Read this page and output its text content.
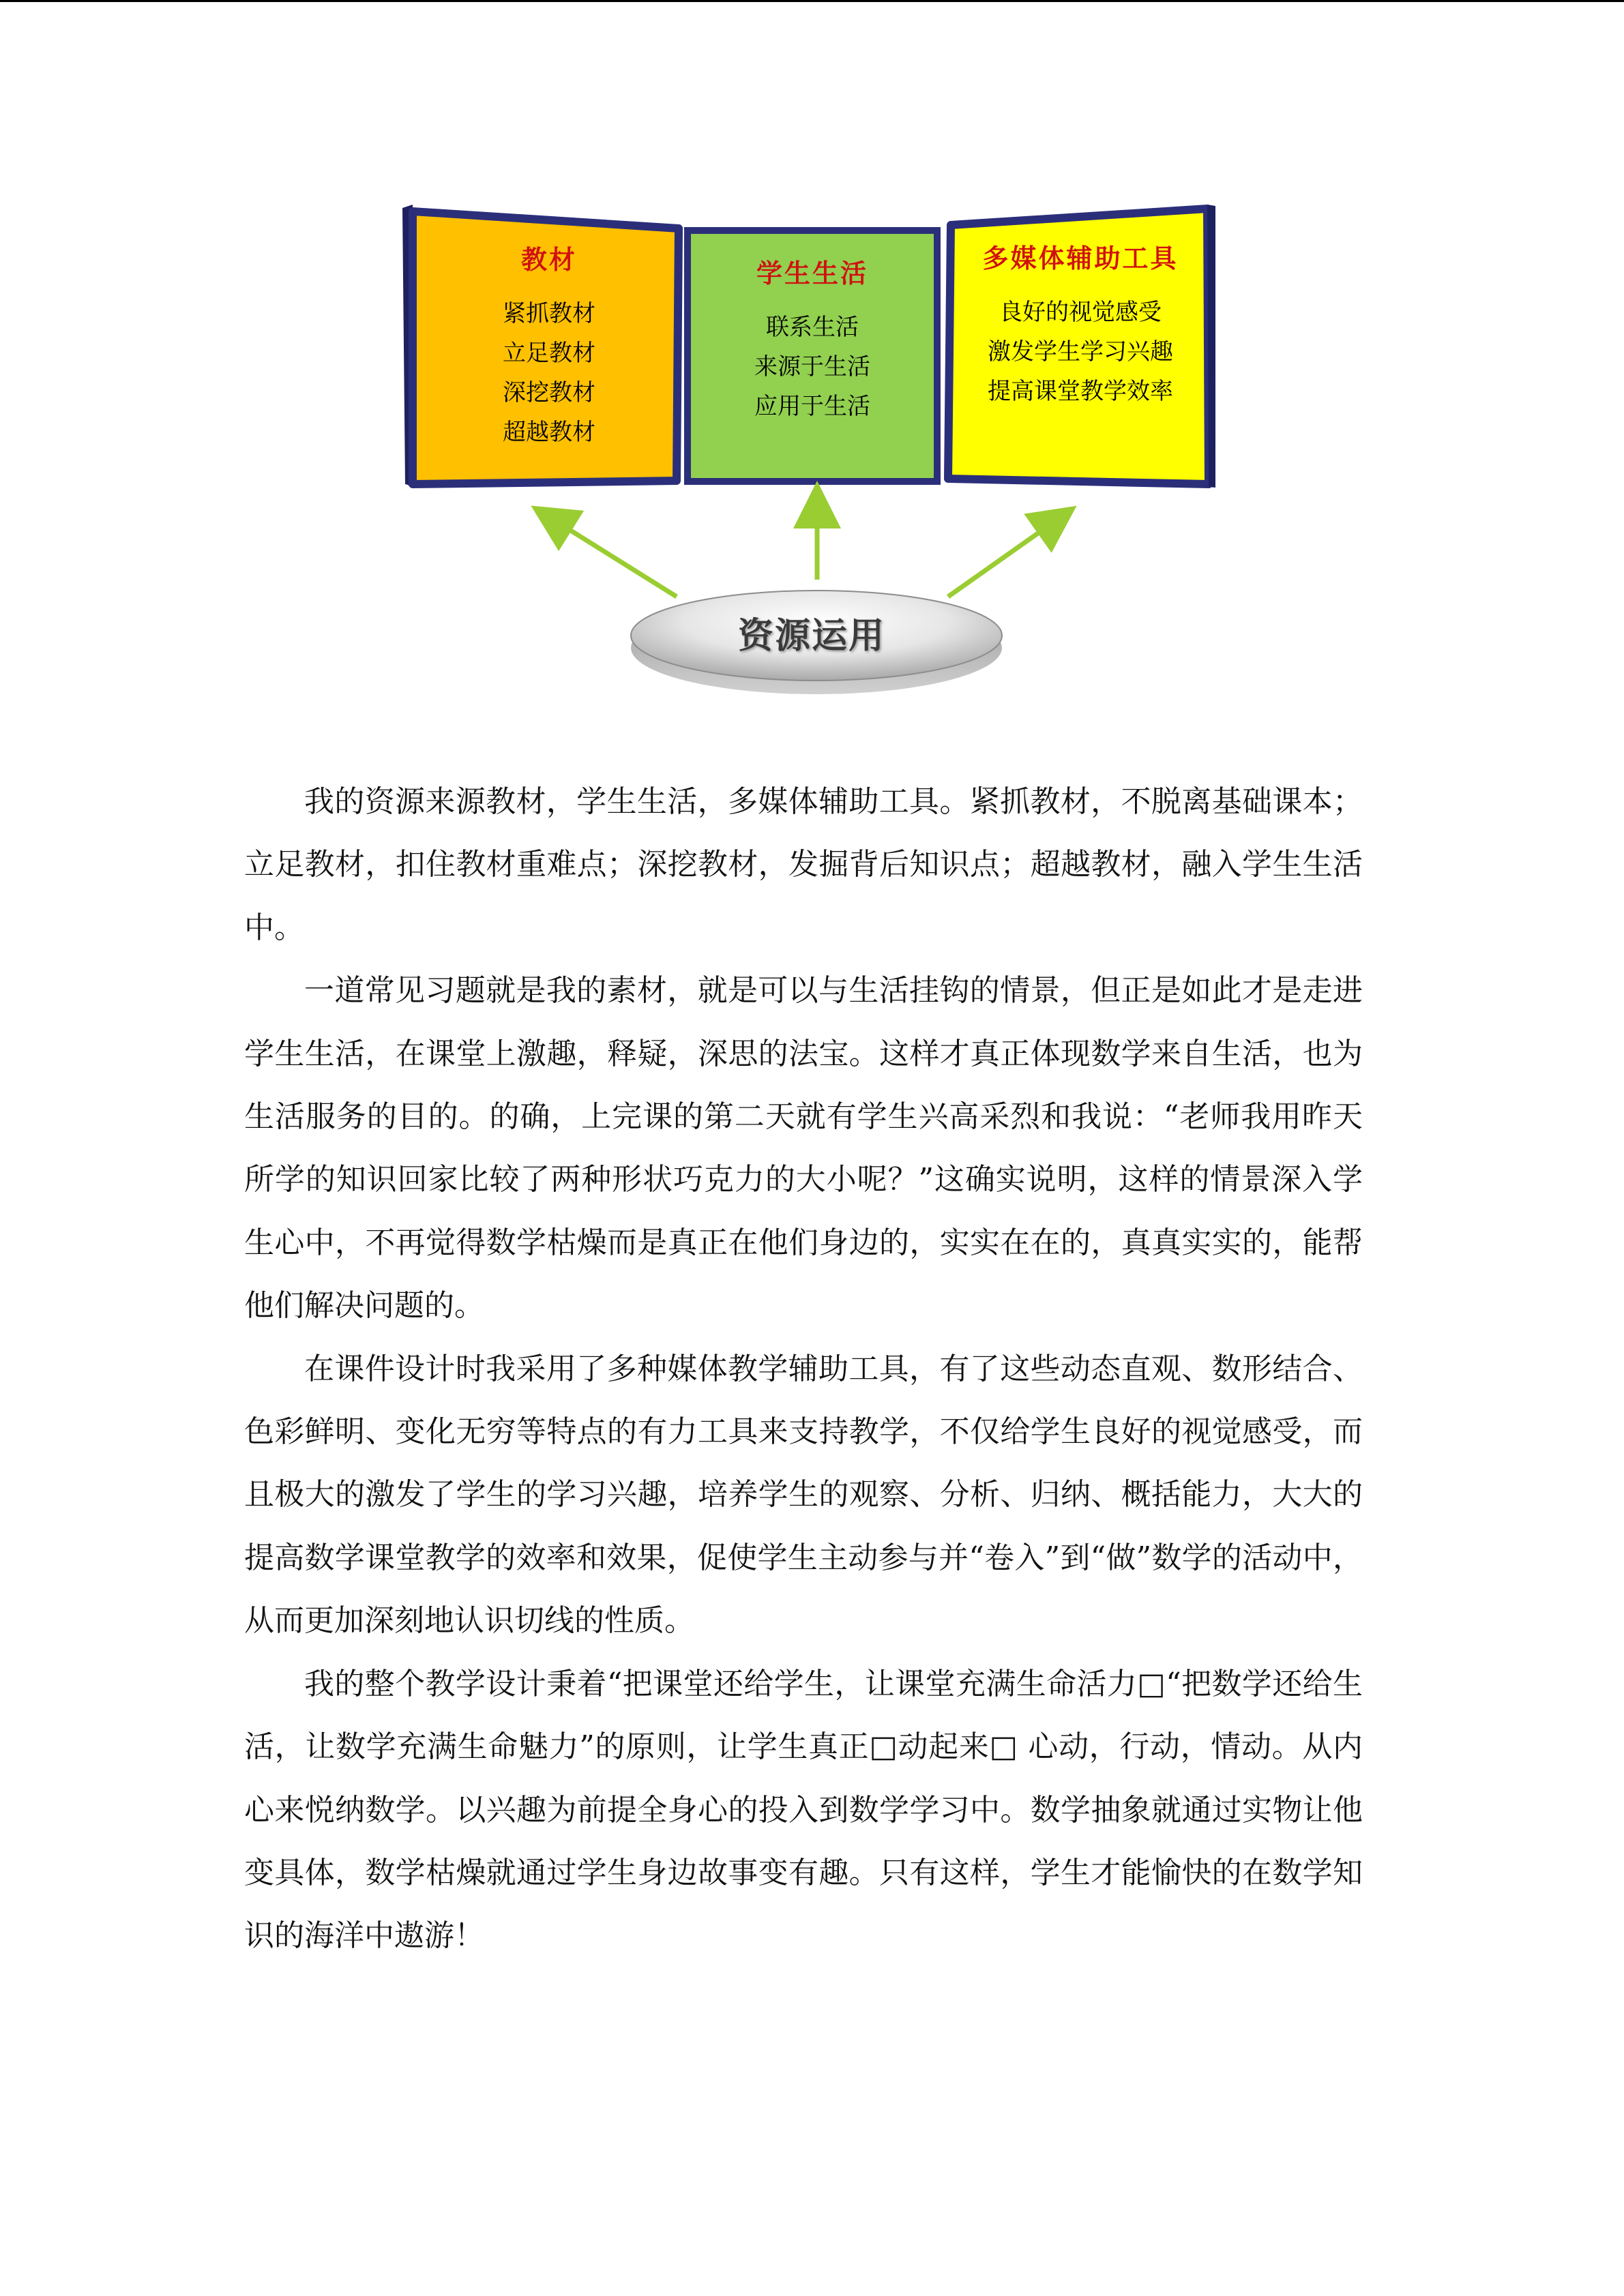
教材
紧抓教材
立足教材
深挖教材
超越教材
学生生活
联系生活
来源于生活
应用于生活
多媒体辅助工具
良好的视觉感受
激发学生学习兴趣
提高课堂教学效率
资源运用

我的资源来源教材，学生生活，多媒体辅助工具。紧抓教材，不脱离基础课本；立足教材，扣住教材重难点；深挖教材，发掘背后知识点；超越教材，融入学生生活中。

一道常见习题就是我的素材，就是可以与生活挂钩的情景，但正是如此才是走进学生生活，在课堂上激趣，释疑，深思的法宝。这样才真正体现数学来自生活，也为生活服务的目的。的确，上完课的第二天就有学生兴高采烈和我说：“老师我用昨天所学的知识回家比较了两种形状巧克力的大小呢？”这确实说明，这样的情景深入学生心中，不再觉得数学枯燥而是真正在他们身边的，实实在在的，真真实实的，能帮他们解决问题的。

在课件设计时我采用了多种媒体教学辅助工具，有了这些动态直观、数形结合、色彩鲜明、变化无穷等特点的有力工具来支持教学，不仅给学生良好的视觉感受，而且极大的激发了学生的学习兴趣，培养学生的观察、分析、归纳、概括能力，大大的提高数学课堂教学的效率和效果，促使学生主动参与并“卷入”到“做”数学的活动中，从而更加深刻地认识切线的性质。

我的整个教学设计秉着“把课堂还给学生，让课堂充满生命活力□“把数学还给生活，让数学充满生命魅力”的原则，让学生真正□动起来□ 心动，行动，情动。从内心来悦纳数学。以兴趣为前提全身心的投入到数学学习中。数学抽象就通过实物让他变具体，数学枯燥就通过学生身边故事变有趣。只有这样，学生才能愉快的在数学知识的海洋中遨游！
